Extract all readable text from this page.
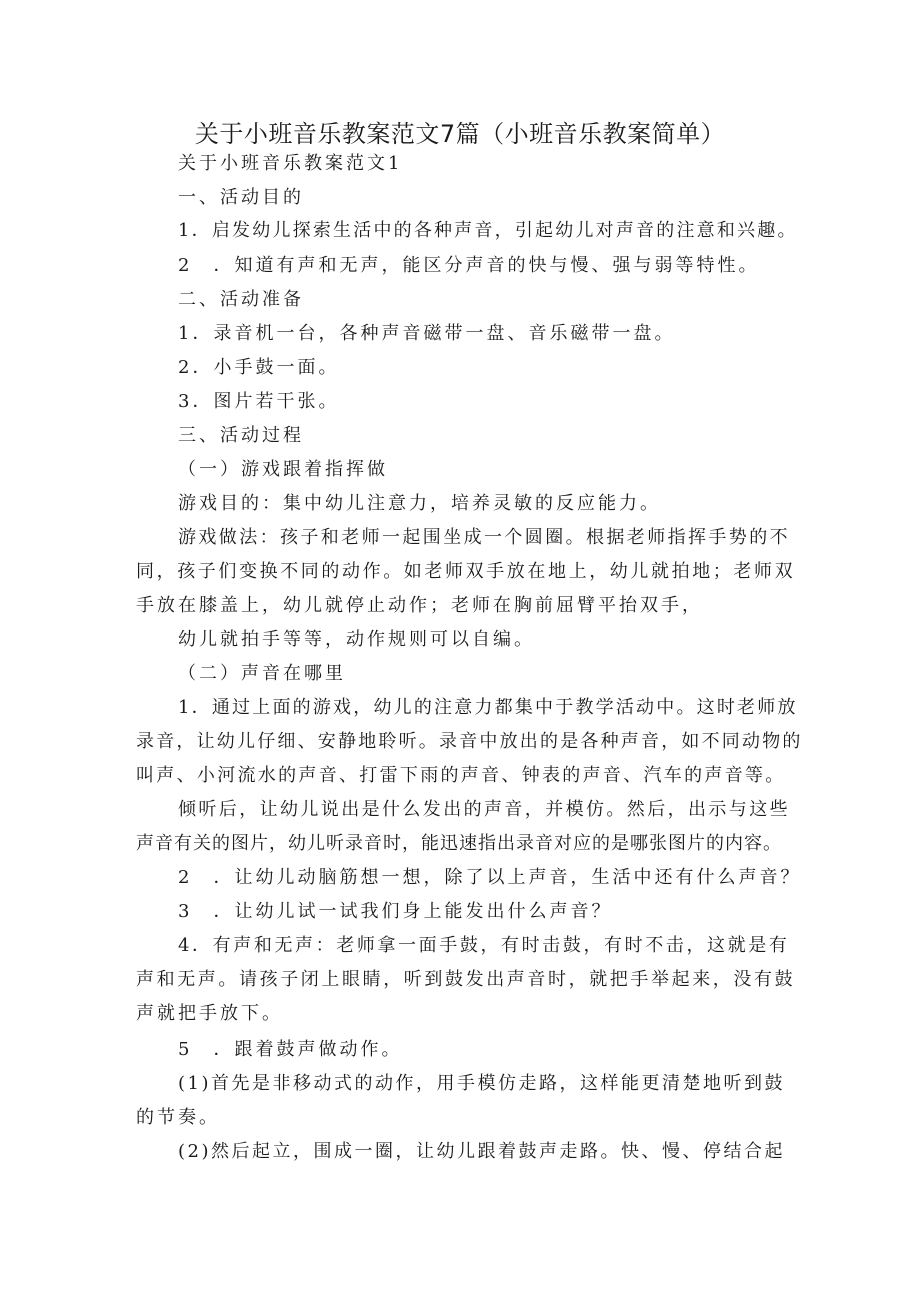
关于小班音乐教案范文7篇（小班音乐教案简单）
关于小班音乐教案范文1
一、活动目的
1．启发幼儿探索生活中的各种声音，引起幼儿对声音的注意和兴趣。
2　．知道有声和无声，能区分声音的快与慢、强与弱等特性。
二、活动准备
1．录音机一台，各种声音磁带一盘、音乐磁带一盘。
2．小手鼓一面。
3．图片若干张。
三、活动过程
（一）游戏跟着指挥做
游戏目的：集中幼儿注意力，培养灵敏的反应能力。
游戏做法：孩子和老师一起围坐成一个圆圈。根据老师指挥手势的不
同，孩子们变换不同的动作。如老师双手放在地上，幼儿就拍地；老师双
手放在膝盖上，幼儿就停止动作；老师在胸前屈臂平抬双手，
幼儿就拍手等等，动作规则可以自编。
（二）声音在哪里
1．通过上面的游戏，幼儿的注意力都集中于教学活动中。这时老师放
录音，让幼儿仔细、安静地聆听。录音中放出的是各种声音，如不同动物的
叫声、小河流水的声音、打雷下雨的声音、钟表的声音、汽车的声音等。
倾听后，让幼儿说出是什么发出的声音，并模仿。然后，出示与这些
声音有关的图片，幼儿听录音时，能迅速指出录音对应的是哪张图片的内容。
2　．让幼儿动脑筋想一想，除了以上声音，生活中还有什么声音？
3　．让幼儿试一试我们身上能发出什么声音？
4．有声和无声：老师拿一面手鼓，有时击鼓，有时不击，这就是有
声和无声。请孩子闭上眼睛，听到鼓发出声音时，就把手举起来，没有鼓
声就把手放下。
5　．跟着鼓声做动作。
(1)首先是非移动式的动作，用手模仿走路，这样能更清楚地听到鼓
的节奏。
(2)然后起立，围成一圈，让幼儿跟着鼓声走路。快、慢、停结合起
